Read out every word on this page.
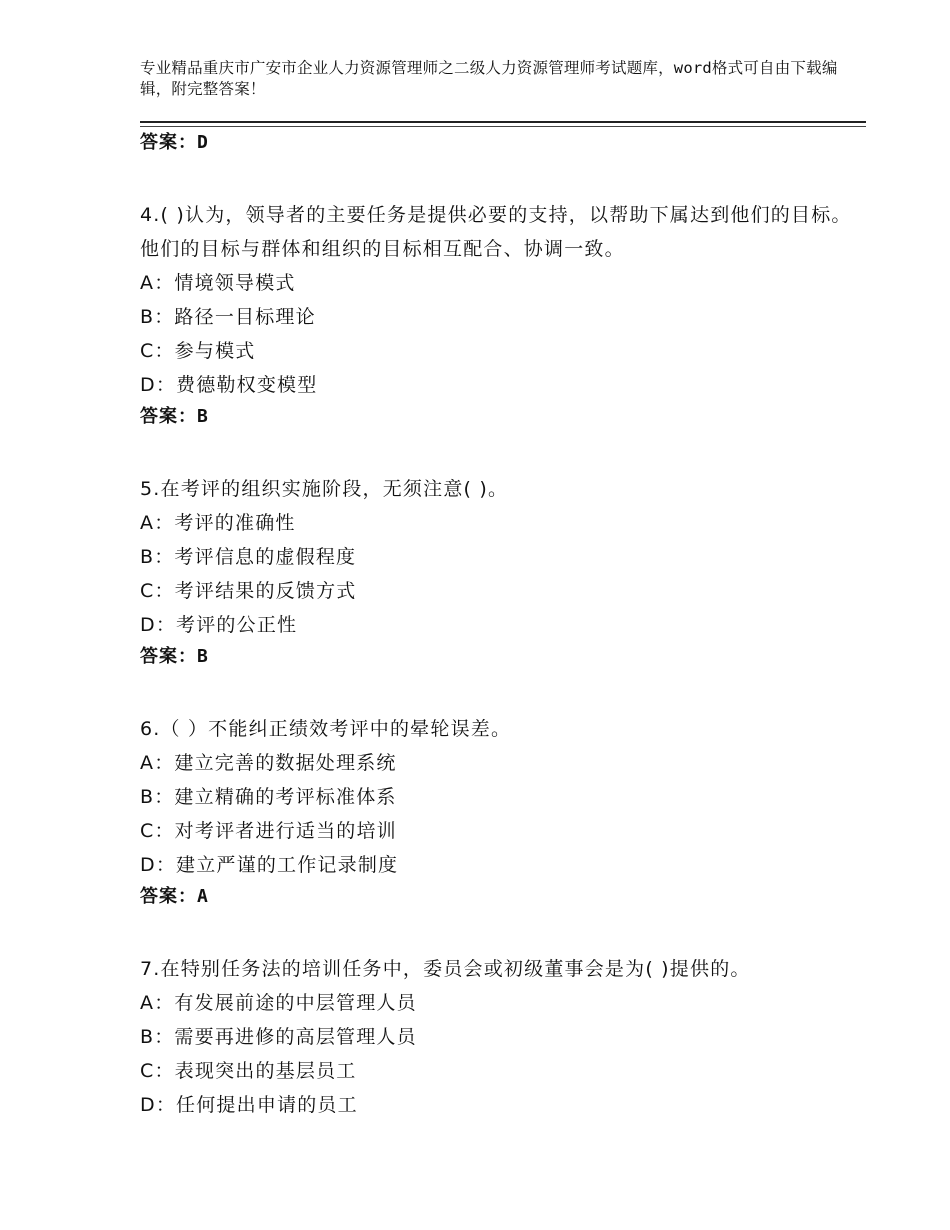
专业精品重庆市广安市企业人力资源管理师之二级人力资源管理师考试题库，word格式可自由下载编辑，附完整答案！
答案：D
4.( )认为，领导者的主要任务是提供必要的支持，以帮助下属达到他们的目标。他们的目标与群体和组织的目标相互配合、协调一致。
A：情境领导模式
B：路径一目标理论
C：参与模式
D：费德勒权变模型
答案：B
5.在考评的组织实施阶段，无须注意( )。
A：考评的准确性
B：考评信息的虚假程度
C：考评结果的反馈方式
D：考评的公正性
答案：B
6.（ ）不能纠正绩效考评中的晕轮误差。
A：建立完善的数据处理系统
B：建立精确的考评标准体系
C：对考评者进行适当的培训
D：建立严谨的工作记录制度
答案：A
7.在特别任务法的培训任务中，委员会或初级董事会是为( )提供的。
A：有发展前途的中层管理人员
B：需要再进修的高层管理人员
C：表现突出的基层员工
D：任何提出申请的员工
